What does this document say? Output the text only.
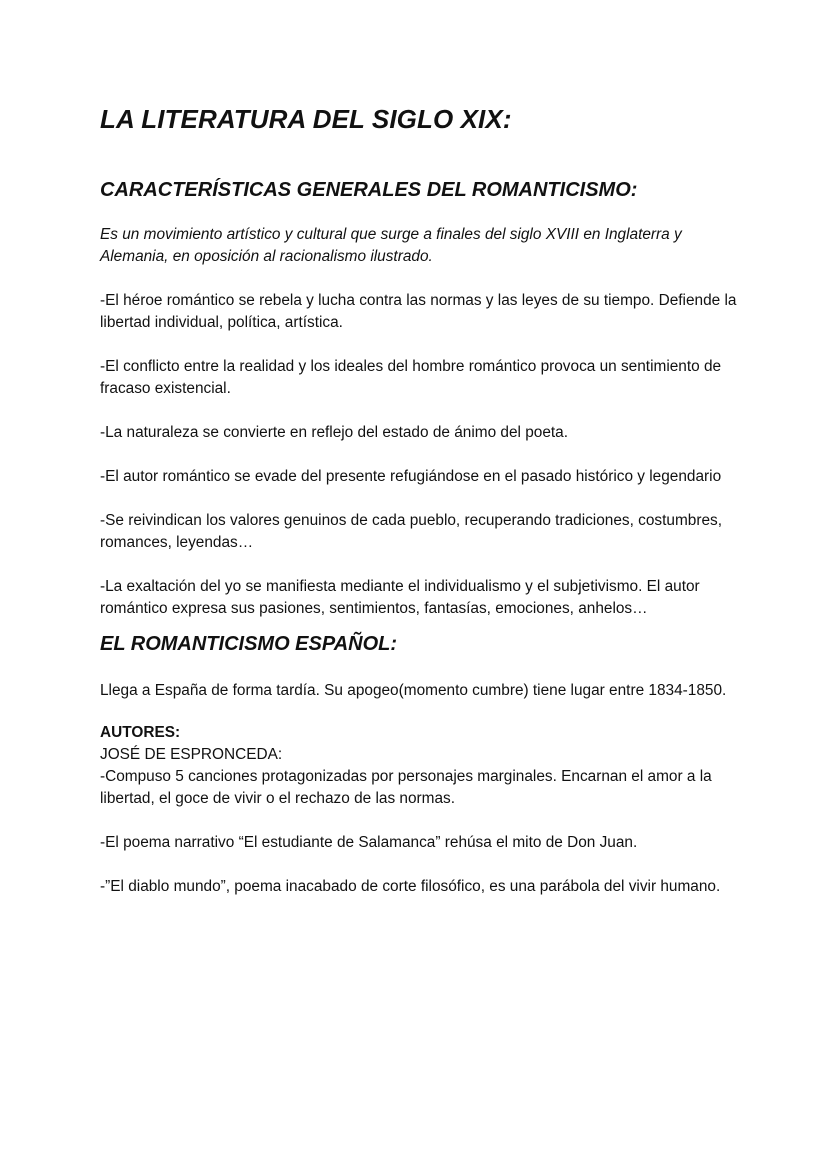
LA LITERATURA DEL SIGLO XIX:
CARACTERÍSTICAS GENERALES DEL ROMANTICISMO:

Es un movimiento artístico y cultural que surge a finales del siglo XVIII en Inglaterra y Alemania, en oposición al racionalismo ilustrado.

-El héroe romántico se rebela y lucha contra las normas y las leyes de su tiempo. Defiende la libertad individual, política, artística.

-El conflicto entre la realidad y los ideales del hombre romántico provoca un sentimiento de fracaso existencial.

-La naturaleza se convierte en reflejo del estado de ánimo del poeta.

-El autor romántico se evade del presente refugiándose en el pasado histórico y legendario

-Se reivindican los valores genuinos de cada pueblo, recuperando tradiciones, costumbres, romances, leyendas…

-La exaltación del yo se manifiesta mediante el individualismo y el subjetivismo. El autor romántico expresa sus pasiones, sentimientos, fantasías, emociones, anhelos…

EL ROMANTICISMO ESPAÑOL:

Llega a España de forma tardía. Su apogeo(momento cumbre) tiene lugar entre 1834-1850.

AUTORES:

JOSÉ DE ESPRONCEDA:

-Compuso 5 canciones protagonizadas por personajes marginales. Encarnan el amor a la libertad, el goce de vivir o el rechazo de las normas.

-El poema narrativo “El estudiante de Salamanca” rehúsa el mito de Don Juan.

-”El diablo mundo”, poema inacabado de corte filosófico, es una parábola del vivir humano.
